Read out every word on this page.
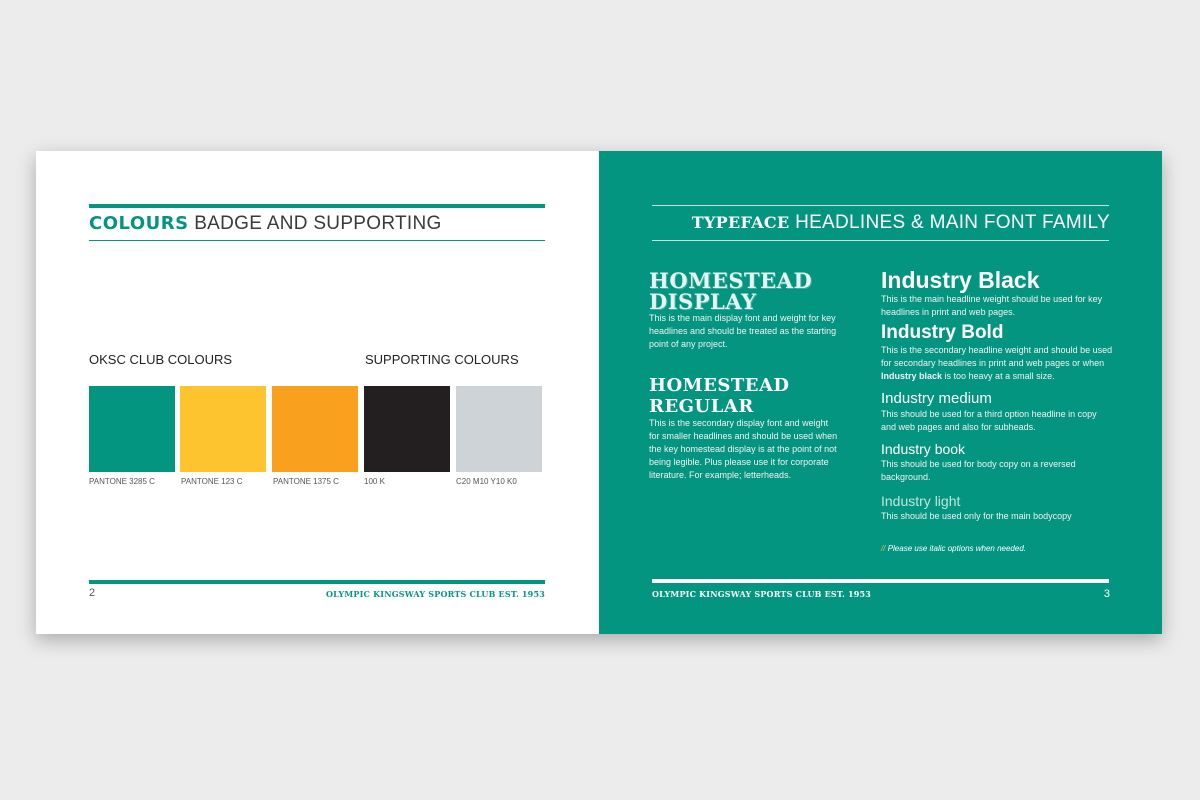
COLOURS BADGE AND SUPPORTING
OKSC CLUB COLOURS	SUPPORTING COLOURS
PANTONE 3285 C	PANTONE 123 C	PANTONE 1375 C	100 K	C20 M10 Y10 K0
2	OLYMPIC KINGSWAY SPORTS CLUB EST. 1953
TYPEFACE HEADLINES & MAIN FONT FAMILY
HOMESTEAD
DISPLAY
This is the main display font and weight for key headlines and should be treated as the starting point of any project.
HOMESTEAD
REGULAR
This is the secondary display font and weight for smaller headlines and should be used when the key homestead display is at the point of not being legible. Plus please use it for corporate literature. For example; letterheads.
Industry Black
This is the main headline weight should be used for key headlines in print and web pages.
Industry Bold
This is the secondary headline weight and should be used for secondary headlines in print and web pages or when Industry black is too heavy at a small size.
Industry medium
This should be used for a third option headline in copy and web pages and also for subheads.
Industry book
This should be used for body copy on a reversed background.
Industry light
This should be used only for the main bodycopy
// Please use italic options when needed.
OLYMPIC KINGSWAY SPORTS CLUB EST. 1953	3
